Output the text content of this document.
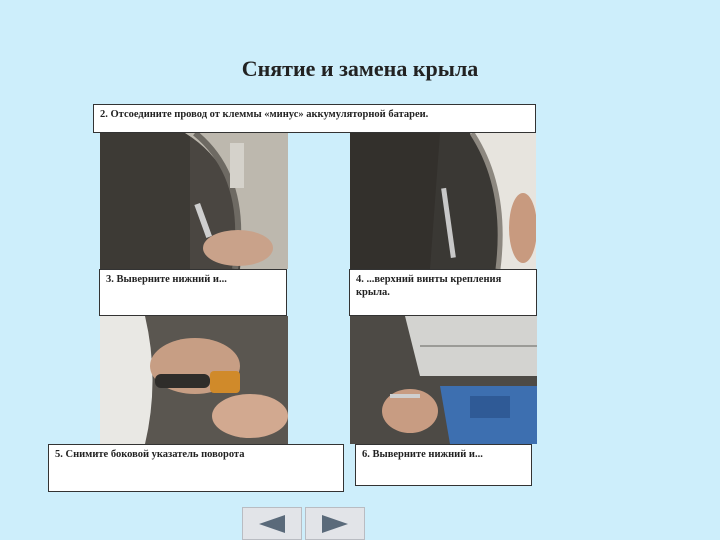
Снятие и замена крыла
2. Отсоедините провод от клеммы «минус» аккумуляторной батареи.
3. Выверните нижний и...	4. ...верхний винты крепления крыла.
5. Снимите боковой указатель поворота	6. Выверните нижний и...
